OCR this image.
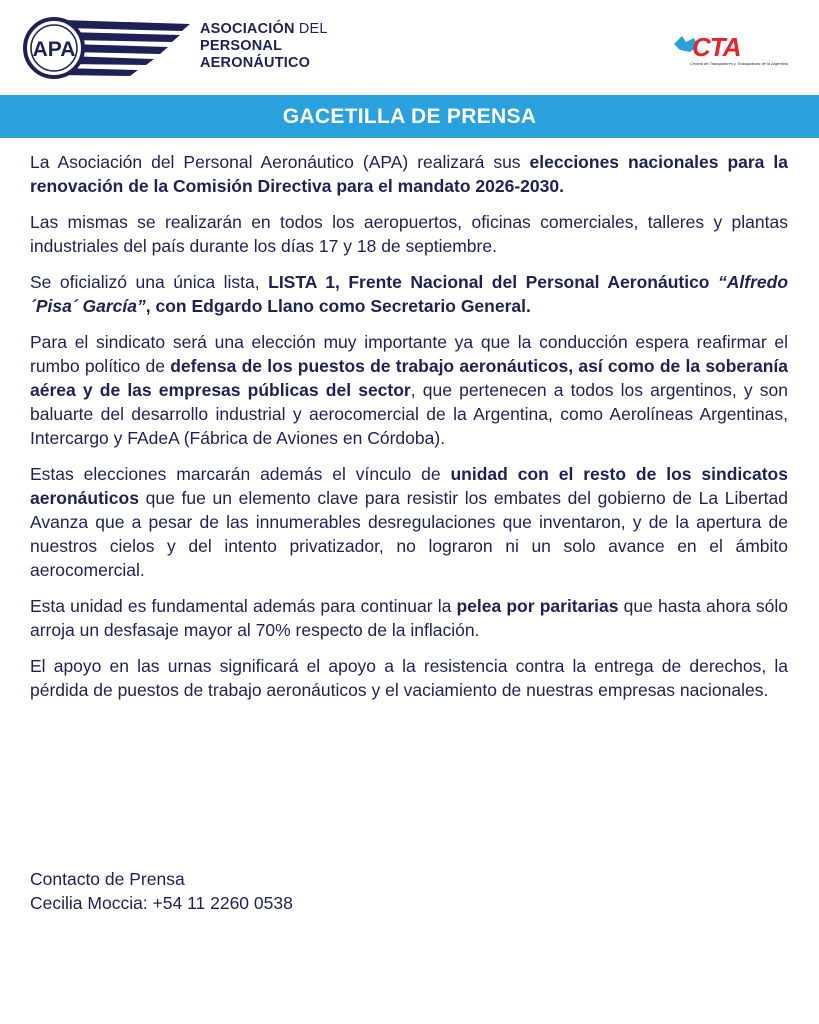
APA
ASOCIACIÓN DEL
PERSONAL
AERONÁUTICO
CTA
Central de Trabajadores y Trabajadoras de la Argentina
GACETILLA DE PRENSA

La Asociación del Personal Aeronáutico (APA) realizará sus elecciones nacionales para la renovación de la Comisión Directiva para el mandato 2026-2030.

Las mismas se realizarán en todos los aeropuertos, oficinas comerciales, talleres y plantas industriales del país durante los días 17 y 18 de septiembre.

Se oficializó una única lista, LISTA 1, Frente Nacional del Personal Aeronáutico “Alfredo ´Pisa´ García”, con Edgardo Llano como Secretario General.

Para el sindicato será una elección muy importante ya que la conducción espera reafirmar el rumbo político de defensa de los puestos de trabajo aeronáuticos, así como de la soberanía aérea y de las empresas públicas del sector, que pertenecen a todos los argentinos, y son baluarte del desarrollo industrial y aerocomercial de la Argentina, como Aerolíneas Argentinas, Intercargo y FAdeA (Fábrica de Aviones en Córdoba).

Estas elecciones marcarán además el vínculo de unidad con el resto de los sindicatos aeronáuticos que fue un elemento clave para resistir los embates del gobierno de La Libertad Avanza que a pesar de las innumerables desregulaciones que inventaron, y de la apertura de nuestros cielos y del intento privatizador, no lograron ni un solo avance en el ámbito aerocomercial.

Esta unidad es fundamental además para continuar la pelea por paritarias que hasta ahora sólo arroja un desfasaje mayor al 70% respecto de la inflación.

El apoyo en las urnas significará el apoyo a la resistencia contra la entrega de derechos, la pérdida de puestos de trabajo aeronáuticos y el vaciamiento de nuestras empresas nacionales.

Contacto de Prensa
Cecilia Moccia: +54 11 2260 0538
